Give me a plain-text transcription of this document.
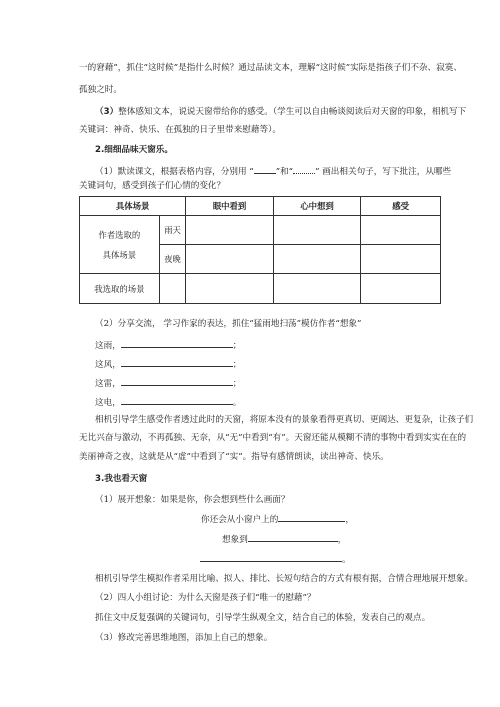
一的窘藉”，抓住“这时候”是指什么时候？通过品读文本，理解“这时候”实际是指孩子们不杂、寂寞、
孤独之时。
（3）整体感知文本，说说天窗带给你的感受。（学生可以自由畅谈阅读后对天窗的印象，相机写下
关键词：神奇、快乐、在孤独的日子里带来慰藉等）。
2.细细品味天窗乐。
（1）默读课文，根据表格内容，分别用 “	”和“	” 画出相关句子，写下批注，从哪些
关键词句，感受到孩子们心情的变化？
具体场景		眼中看到	心中想到	感受
作者选取的
具体场景	雨天			
	夜晚			
我选取的场景				
（2）分享交流， 学习作家的表达，抓住“猛雨地扫荡”模仿作者“想象”
这雨，	；
这风，	；
这雷，	；
这电，	。
相机引导学生感受作者透过此时的天窗，将原本没有的景象看得更真切、更阔达、更复杂，让孩子们
无比兴奋与激动，不再孤独、无奈，从“无”中看到“有”。天窗还能从模糊不清的事物中看到实实在在的
美丽神奇之夜，这就是从“虚”中看到了“实”。指导有感情朗读，读出神奇、快乐。
3.我也看天窗
（1）展开想象：如果是你，你会想到些什么画面？
你还会从小窗户上的	，
想象到	，
。
相机引导学生模拟作者采用比喻、拟人、排比、长短句结合的方式有根有据，合情合理地展开想象。
（2）四人小组讨论：为什么天窗是孩子们“唯一的慰藉”？
抓住文中反复强调的关键词句，引导学生纵观全文，结合自己的体验，发表自己的观点。
（3）修改完善思维地图，添加上自己的想象。
